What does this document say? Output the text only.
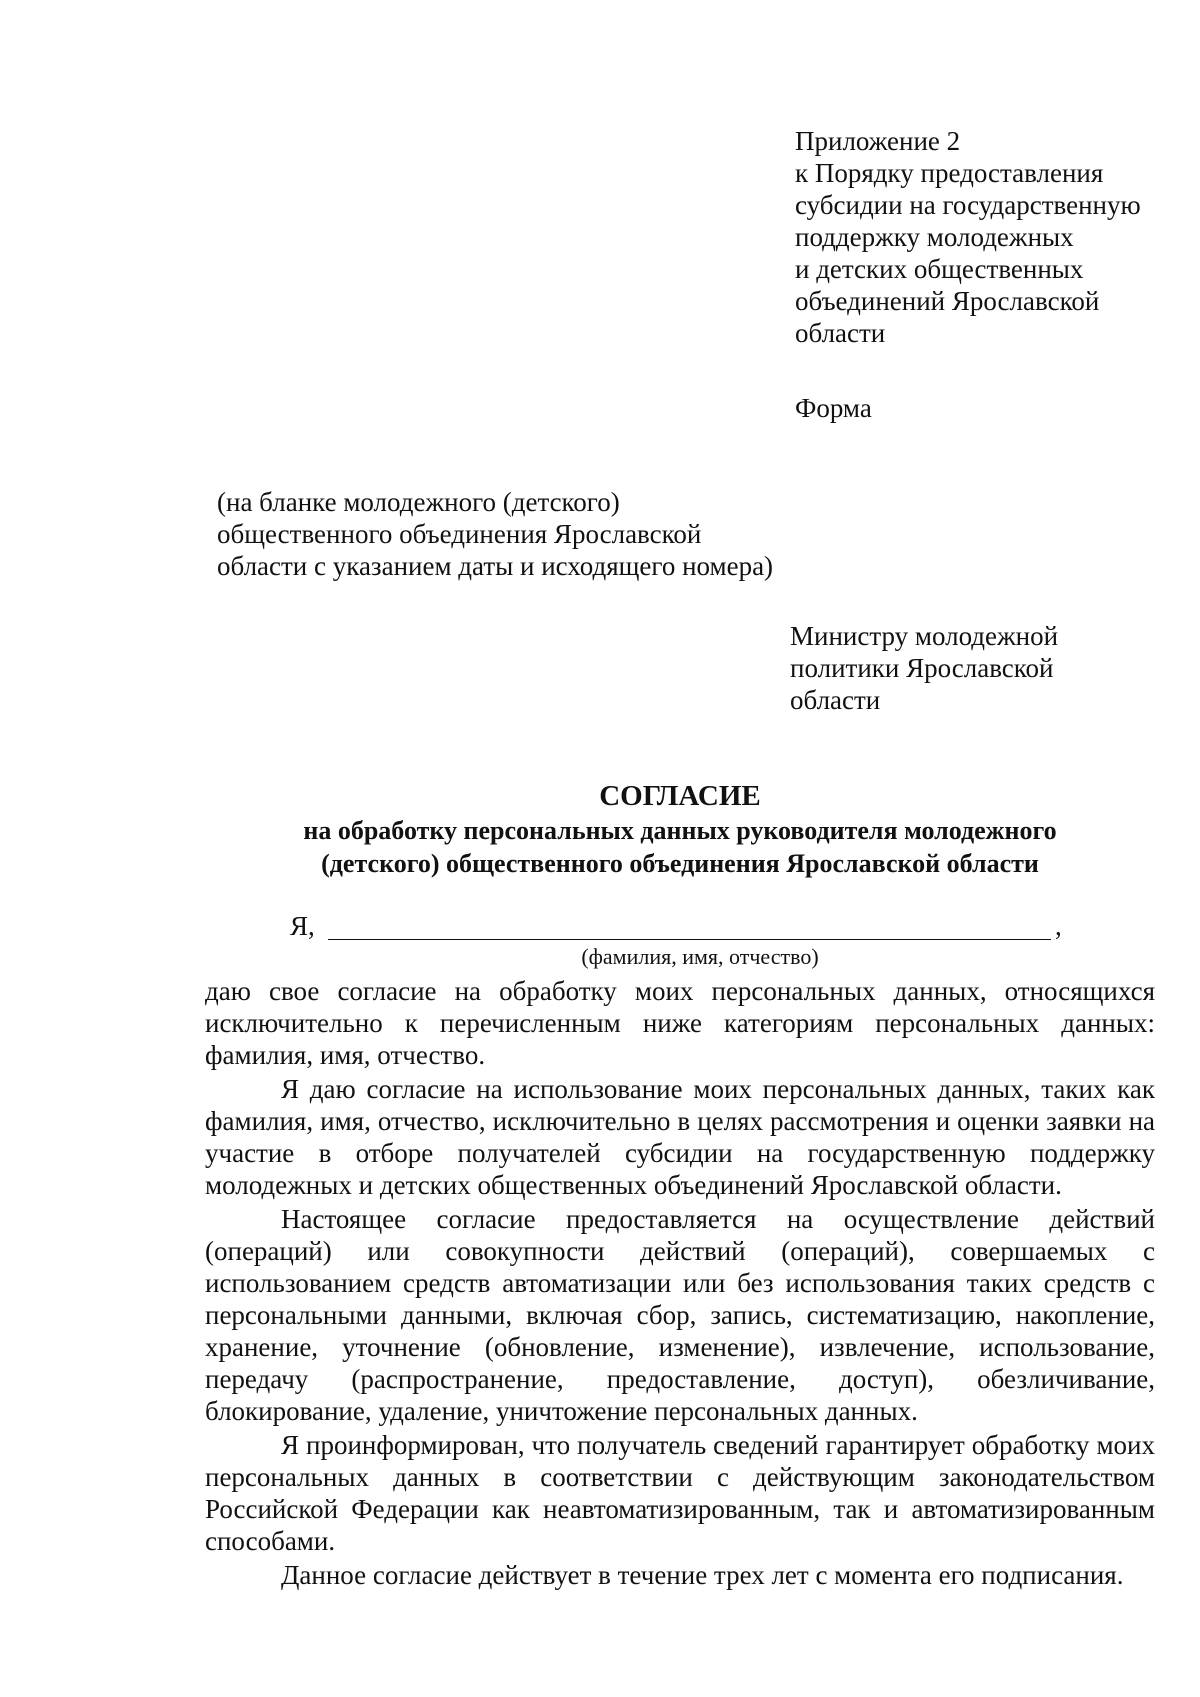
Приложение 2
к Порядку предоставления
субсидии на государственную
поддержку молодежных
и детских общественных
объединений Ярославской
области
Форма
(на бланке молодежного (детского)
общественного объединения Ярославской
области с указанием даты и исходящего номера)
Министру молодежной
политики Ярославской
области
СОГЛАСИЕ
на обработку персональных данных руководителя молодежного
(детского) общественного объединения Ярославской области
Я,	,
(фамилия, имя, отчество)

даю свое согласие на обработку моих персональных данных, относящихся исключительно к перечисленным ниже категориям персональных данных: фамилия, имя, отчество.

Я даю согласие на использование моих персональных данных, таких как фамилия, имя, отчество, исключительно в целях рассмотрения и оценки заявки на участие в отборе получателей субсидии на государственную поддержку молодежных и детских общественных объединений Ярославской области.

Настоящее согласие предоставляется на осуществление действий (операций) или совокупности действий (операций), совершаемых с использованием средств автоматизации или без использования таких средств с персональными данными, включая сбор, запись, систематизацию, накопление, хранение, уточнение (обновление, изменение), извлечение, использование, передачу (распространение, предоставление, доступ), обезличивание, блокирование, удаление, уничтожение персональных данных.

Я проинформирован, что получатель сведений гарантирует обработку моих персональных данных в соответствии с действующим законодательством Российской Федерации как неавтоматизированным, так и автоматизированным способами.

Данное согласие действует в течение трех лет с момента его подписания.
